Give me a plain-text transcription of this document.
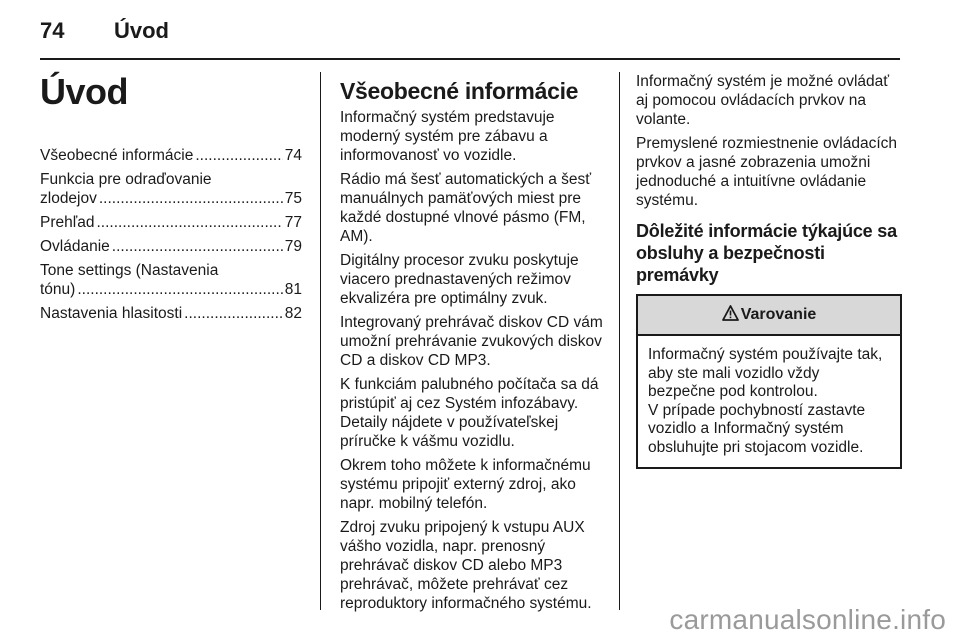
74 Úvod
Úvod
Všeobecné informácie .....	74
Funkcia pre odraďovanie
zlodejov .....	75
Prehľad .....	77
Ovládanie .....	79
Tone settings (Nastavenia
tónu) .....	81
Nastavenia hlasitosti .....	82
Všeobecné informácie

Informačný systém predstavuje moderný systém pre zábavu a informovanosť vo vozidle.

Rádio má šesť automatických a šesť manuálnych pamäťových miest pre každé dostupné vlnové pásmo (FM, AM).

Digitálny procesor zvuku poskytuje viacero prednastavených režimov ekvalizéra pre optimálny zvuk.

Integrovaný prehrávač diskov CD vám umožní prehrávanie zvukových diskov CD a diskov CD MP3.

K funkciám palubného počítača sa dá pristúpiť aj cez Systém infozábavy. Detaily nájdete v používateľskej príručke k vášmu vozidlu.

Okrem toho môžete k informačnému systému pripojiť externý zdroj, ako napr. mobilný telefón.

Zdroj zvuku pripojený k vstupu AUX vášho vozidla, napr. prenosný prehrávač diskov CD alebo MP3 prehrávač, môžete prehrávať cez reproduktory informačného systému.

Informačný systém je možné ovládať aj pomocou ovládacích prvkov na volante.

Premyslené rozmiestnenie ovládacích prvkov a jasné zobrazenia umožni jednoduché a intuitívne ovládanie systému.

Dôležité informácie týkajúce sa obsluhy a bezpečnosti premávky
Varovanie

Informačný systém používajte tak, aby ste mali vozidlo vždy bezpečne pod kontrolou.

V prípade pochybností zastavte vozidlo a Informačný systém obsluhujte pri stojacom vozidle.

carmanualsonline.info
